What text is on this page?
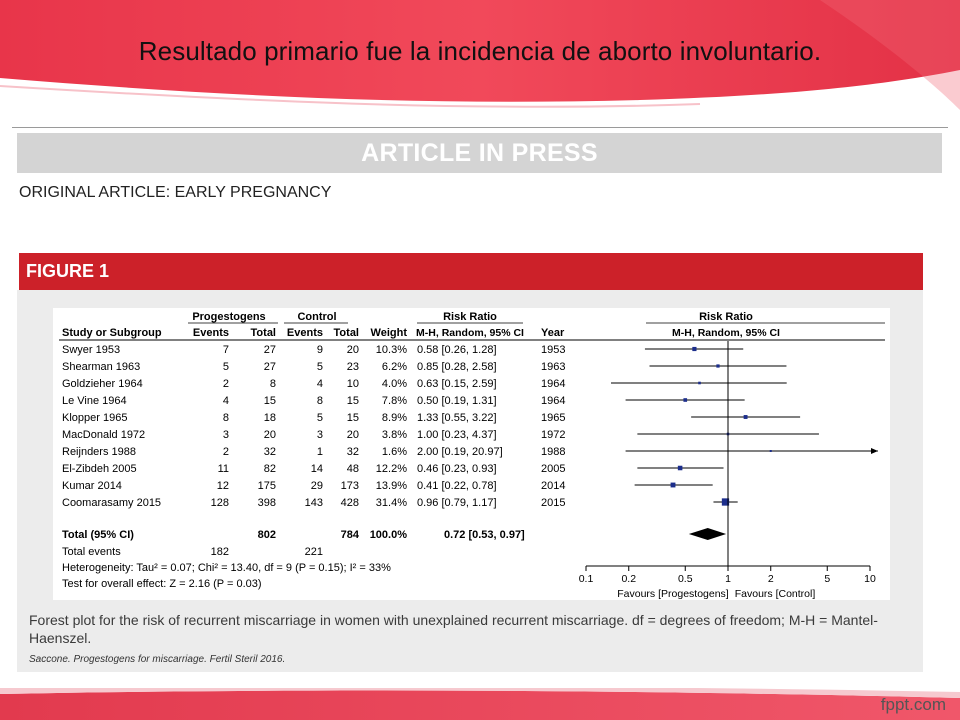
Resultado primario fue la incidencia de aborto involuntario.
ARTICLE IN PRESS
ORIGINAL ARTICLE: EARLY PREGNANCY
FIGURE 1
Progestogens	Control	Risk Ratio	Risk Ratio
Study or Subgroup	Events Total Events Total Weight M-H, Random, 95% CI Year	M-H, Random, 95% CI
Swyer 1953	7	27	9 20 10.3% 0.58 [0.26, 1.28]	1953
Shearman 1963	5	27	5 23 6.2% 0.85 [0.28, 2.58]	1963
Goldzieher 1964	2	8	4 10 4.0% 0.63 [0.15, 2.59]	1964
Le Vine 1964	4	15	8 15 7.8% 0.50 [0.19, 1.31]	1964
Klopper 1965	8	18	5 15 8.9% 1.33 [0.55, 3.22]	1965
MacDonald 1972	3	20	3 20 3.8% 1.00 [0.23, 4.37]	1972
Reijnders 1988	2	32	1 32 1.6% 2.00 [0.19, 20.97]	1988
El-Zibdeh 2005	11	82	14 48 12.2% 0.46 [0.23, 0.93]	2005
Kumar 2014	12	175	29 173 13.9% 0.41 [0.22, 0.78]	2014
Coomarasamy 2015	128	398	143 428 31.4% 0.96 [0.79, 1.17]	2015
Total (95% CI)	802	784 100.0%	0.72 [0.53, 0.97]
Total events	182	221
Heterogeneity: Tau² = 0.07; Chi² = 13.40, df = 9 (P = 0.15); I² = 33%
Test for overall effect: Z = 2.16 (P = 0.03)	0.1	0.2	0.5	1	2	5	10
Favours [Progestogens] Favours [Control]
Forest plot for the risk of recurrent miscarriage in women with unexplained recurrent miscarriage. df = degrees of freedom; M-H = Mantel-Haenszel.
Saccone. Progestogens for miscarriage. Fertil Steril 2016.
fppt.com
